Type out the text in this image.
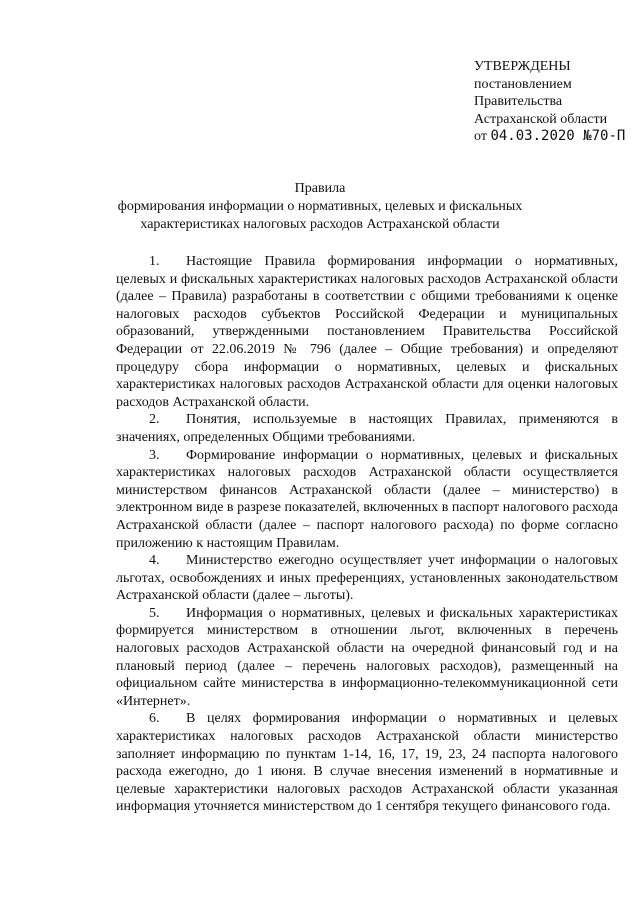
УТВЕРЖДЕНЫ
постановлением
Правительства
Астраханской области
от 04.03.2020 №70-П
Правила
формирования информации о нормативных, целевых и фискальных
характеристиках налоговых расходов Астраханской области

1. Настоящие Правила формирования информации о нормативных, целевых и фискальных характеристиках налоговых расходов Астраханской области (далее – Правила) разработаны в соответствии с общими требованиями к оценке налоговых расходов субъектов Российской Федерации и муниципальных образований, утвержденными постановлением Правительства Российской Федерации от 22.06.2019 № 796 (далее – Общие требования) и определяют процедуру сбора информации о нормативных, целевых и фискальных характеристиках налоговых расходов Астраханской области для оценки налоговых расходов Астраханской области.

2. Понятия, используемые в настоящих Правилах, применяются в значениях, определенных Общими требованиями.

3. Формирование информации о нормативных, целевых и фискальных характеристиках налоговых расходов Астраханской области осуществляется министерством финансов Астраханской области (далее – министерство) в электронном виде в разрезе показателей, включенных в паспорт налогового расхода Астраханской области (далее – паспорт налогового расхода) по форме согласно приложению к настоящим Правилам.

4. Министерство ежегодно осуществляет учет информации о налоговых льготах, освобождениях и иных преференциях, установленных законодательством Астраханской области (далее – льготы).

5. Информация о нормативных, целевых и фискальных характеристиках формируется министерством в отношении льгот, включенных в перечень налоговых расходов Астраханской области на очередной финансовый год и на плановый период (далее – перечень налоговых расходов), размещенный на официальном сайте министерства в информационно-телекоммуникационной сети «Интернет».

6. В целях формирования информации о нормативных и целевых характеристиках налоговых расходов Астраханской области министерство заполняет информацию по пунктам 1-14, 16, 17, 19, 23, 24 паспорта налогового расхода ежегодно, до 1 июня. В случае внесения изменений в нормативные и целевые характеристики налоговых расходов Астраханской области указанная информация уточняется министерством до 1 сентября текущего финансового года.
